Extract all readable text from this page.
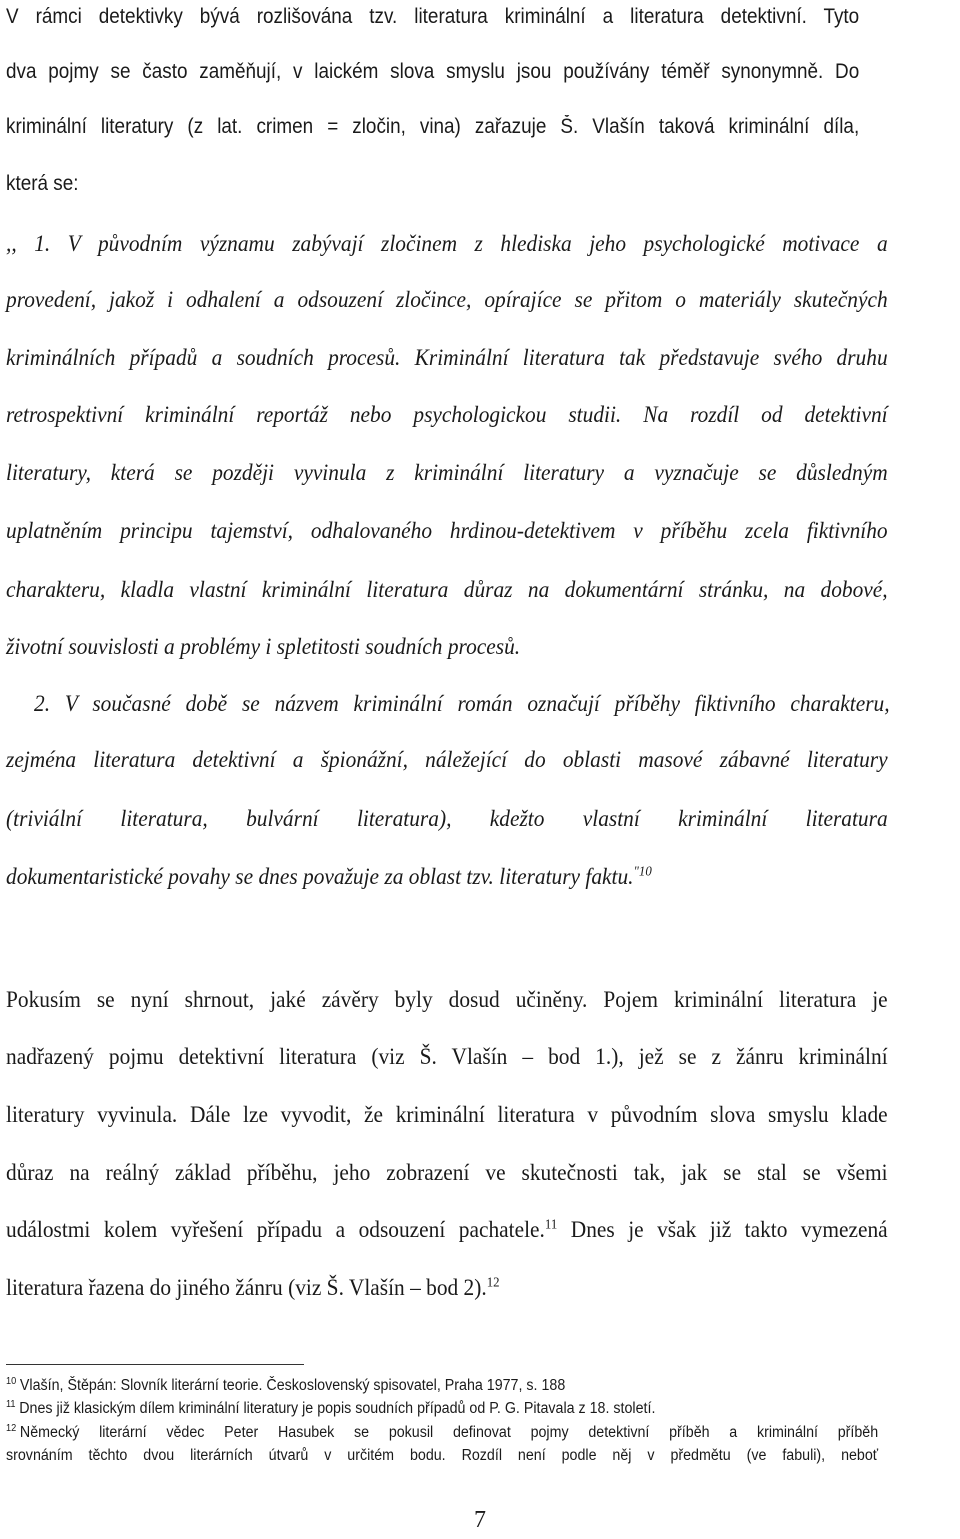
V rámci detektivky bývá rozlišována tzv. literatura kriminální a literatura detektivní. Tyto
dva pojmy se často zaměňují, v laickém slova smyslu jsou používány téměř synonymně. Do
kriminální literatury (z lat. crimen = zločin, vina) zařazuje Š. Vlašín taková kriminální díla,
která se:
,, 1. V původním významu zabývají zločinem z hlediska jeho psychologické motivace a
provedení, jakož i odhalení a odsouzení zločince, opírajíce se přitom o materiály skutečných
kriminálních případů a soudních procesů. Kriminální literatura tak představuje svého druhu
retrospektivní kriminální reportáž nebo psychologickou studii. Na rozdíl od detektivní
literatury, která se později vyvinula z kriminální literatury a vyznačuje se důsledným
uplatněním principu tajemství, odhalovaného hrdinou-detektivem v příběhu zcela fiktivního
charakteru, kladla vlastní kriminální literatura důraz na dokumentární stránku, na dobové,
životní souvislosti a problémy i spletitosti soudních procesů.
2. V současné době se názvem kriminální román označují příběhy fiktivního charakteru,
zejména literatura detektivní a špionážní, náležející do oblasti masové zábavné literatury
(triviální literatura, bulvární literatura), kdežto vlastní kriminální literatura
dokumentaristické povahy se dnes považuje za oblast tzv. literatury faktu.$^{"10}$
Pokusím se nyní shrnout, jaké závěry byly dosud učiněny. Pojem kriminální literatura je
nadřazený pojmu detektivní literatura (viz Š. Vlašín – bod 1.), jež se z žánru kriminální
literatury vyvinula. Dále lze vyvodit, že kriminální literatura v původním slova smyslu klade
důraz na reálný základ příběhu, jeho zobrazení ve skutečnosti tak, jak se stal se všemi
událostmi kolem vyřešení případu a odsouzení pachatele.$^{11}$ Dnes je však již takto vymezená
literatura řazena do jiného žánru (viz Š. Vlašín – bod 2).$^{12}$
$^{10}$ Vlašín, Štěpán: Slovník literární teorie. Československý spisovatel, Praha 1977, s. 188
$^{11}$ Dnes již klasickým dílem kriminální literatury je popis soudních případů od P. G. Pitavala z 18. století.
$^{12}$ Německý literární vědec Peter Hasubek se pokusil definovat pojmy detektivní příběh a kriminální příběh
srovnáním těchto dvou literárních útvarů v určitém bodu. Rozdíl není podle něj v předmětu (ve fabuli), neboť
7
